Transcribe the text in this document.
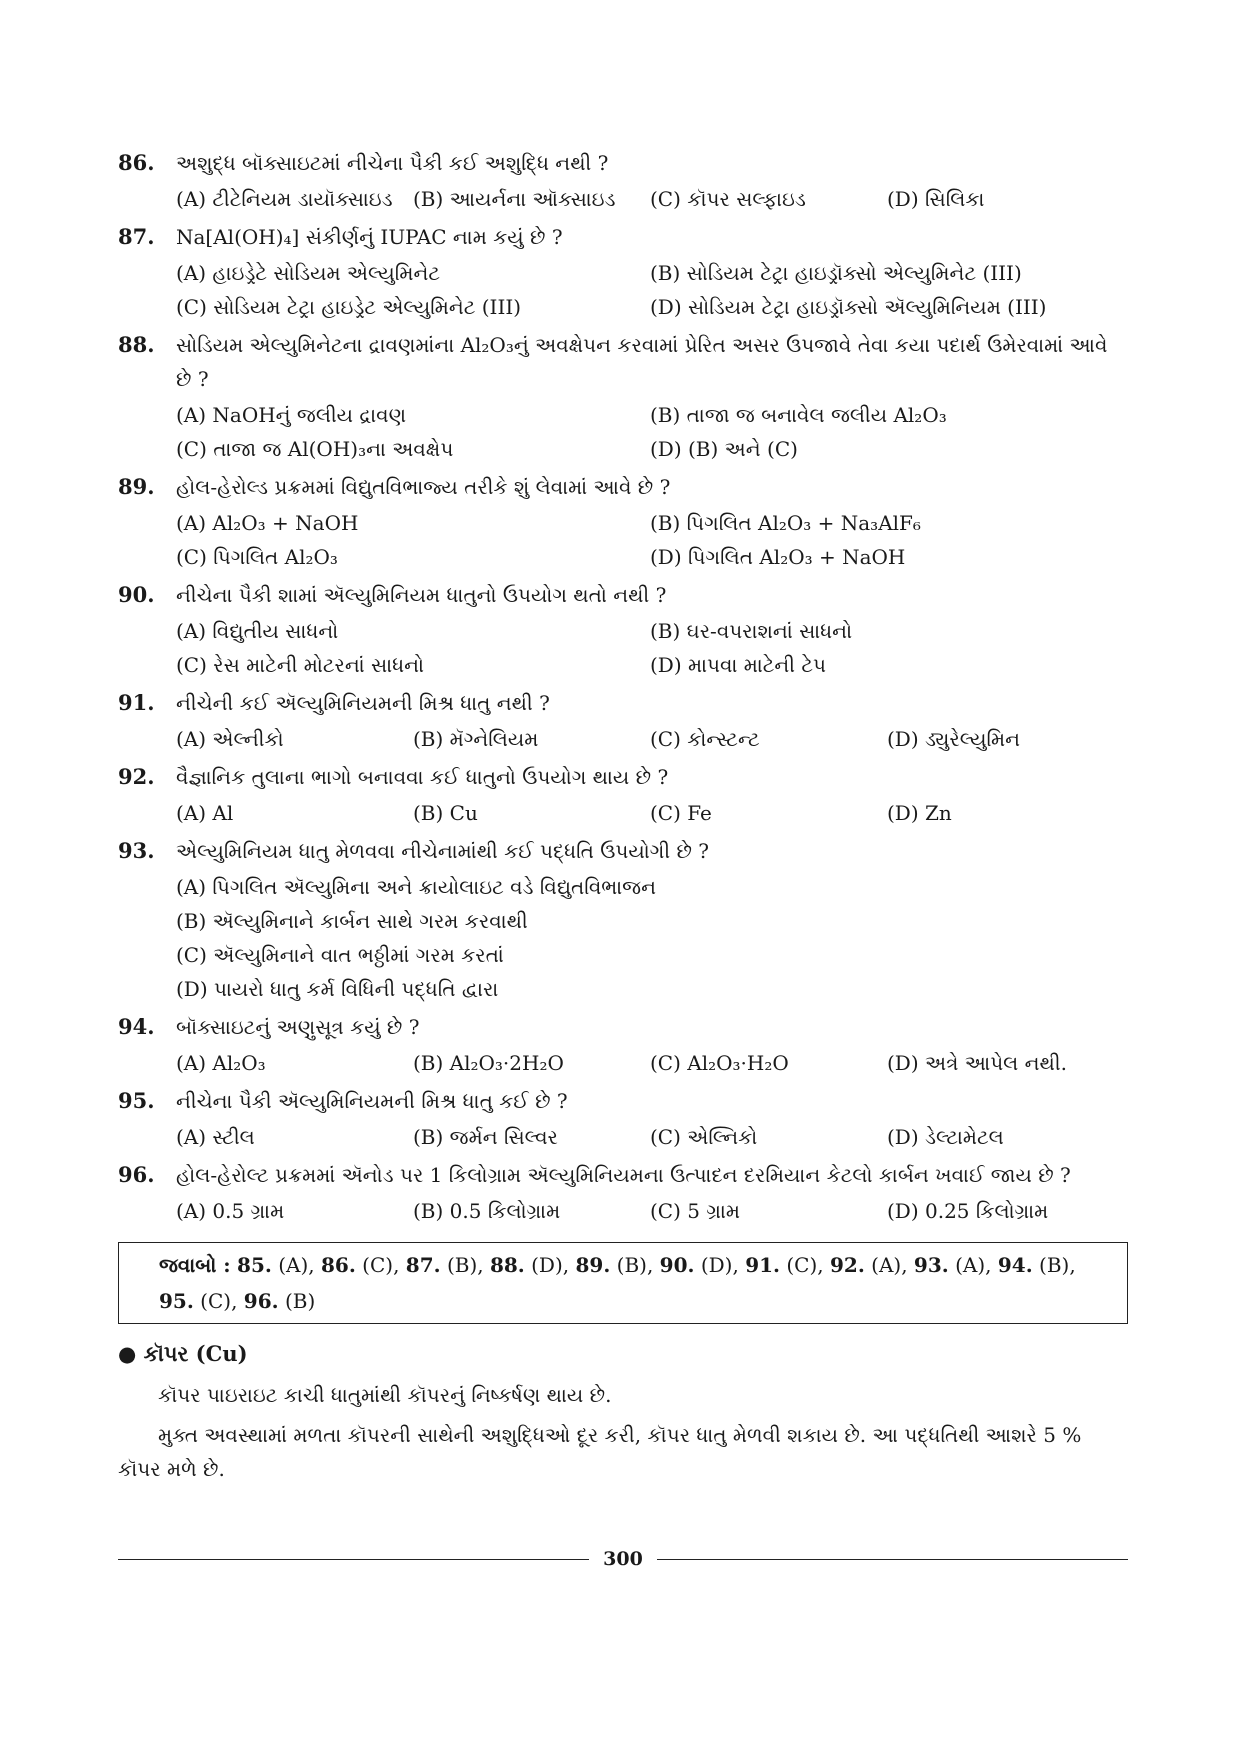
86.	અશુદ્ધ બૉક્સાઇટમાં નીચેના પૈકી કઈ અશુદ્ધિ નથી ?
(A) ટીટેનિયમ ડાયૉક્સાઇડ	(B) આયર્નના ઑક્સાઇડ	(C) કૉપર સલ્ફાઇડ	(D) સિલિકા
87.	Na[Al(OH)₄] સંકીર્ણનું IUPAC નામ કયું છે ?
(A) હાઇડ્રેટે સોડિયમ એલ્યુમિનેટ	(B) સોડિયમ ટેટ્રા હાઇડ્રૉક્સો એલ્યુમિનેટ (III)
(C) સોડિયમ ટેટ્રા હાઇડ્રેટ એલ્યુમિનેટ (III)	(D) સોડિયમ ટેટ્રા હાઇડ્રૉક્સો ઍલ્યુમિનિયમ (III)
88.	સોડિયમ એલ્યુમિનેટના દ્રાવણમાંના Al₂O₃નું અવક્ષેપન કરવામાં પ્રેરિત અસર ઉપજાવે તેવા કયા પદાર્થ ઉમેરવામાં આવે છે ?
(A) NaOHનું જલીય દ્રાવણ	(B) તાજા જ બનાવેલ જલીય Al₂O₃
(C) તાજા જ Al(OH)₃ના અવક્ષેપ	(D) (B) અને (C)
89.	હોલ-હેરોલ્ડ પ્રક્રમમાં વિદ્યુતવિભાજ્ય તરીકે શું લેવામાં આવે છે ?
(A) Al₂O₃ + NaOH	(B) પિગલિત Al₂O₃ + Na₃AlF₆
(C) પિગલિત Al₂O₃	(D) પિગલિત Al₂O₃ + NaOH
90.	નીચેના પૈકી શામાં ઍલ્યુમિનિયમ ધાતુનો ઉપયોગ થતો નથી ?
(A) વિદ્યુતીય સાધનો	(B) ઘર-વપરાશનાં સાધનો
(C) રેસ માટેની મોટરનાં સાધનો	(D) માપવા માટેની ટેપ
91.	નીચેની કઈ ઍલ્યુમિનિયમની મિશ્ર ધાતુ નથી ?
(A) એલ્નીકો	(B) મૅગ્નેલિયમ	(C) કોન્સ્ટન્ટ	(D) ડ્યુરેલ્યુમિન
92.	વૈજ્ઞાનિક તુલાના ભાગો બનાવવા કઈ ધાતુનો ઉપયોગ થાય છે ?
(A) Al	(B) Cu	(C) Fe	(D) Zn
93.	એલ્યુમિનિયમ ધાતુ મેળવવા નીચેનામાંથી કઈ પદ્ધતિ ઉપયોગી છે ?
(A) પિગલિત ઍલ્યુમિના અને ક્રાયોલાઇટ વડે વિદ્યુતવિભાજન
(B) ઍલ્યુમિનાને કાર્બન સાથે ગરમ કરવાથી
(C) ઍલ્યુમિનાને વાત ભઠ્ઠીમાં ગરમ કરતાં
(D) પાયરો ધાતુ કર્મ વિધિની પદ્ધતિ દ્વારા
94.	બૉક્સાઇટનું અણુસૂત્ર કયું છે ?
(A) Al₂O₃	(B) Al₂O₃·2H₂O	(C) Al₂O₃·H₂O	(D) અત્રે આપેલ નથી.
95.	નીચેના પૈકી ઍલ્યુમિનિયમની મિશ્ર ધાતુ કઈ છે ?
(A) સ્ટીલ	(B) જર્મન સિલ્વર	(C) એલ્નિકો	(D) ડેલ્ટામેટલ
96.	હોલ-હેરોલ્ટ પ્રક્રમમાં ઍનોડ પર 1 કિલોગ્રામ ઍલ્યુમિનિયમના ઉત્પાદન દરમિયાન કેટલો કાર્બન ખવાઈ જાય છે ?
(A) 0.5 ગ્રામ	(B) 0.5 કિલોગ્રામ	(C) 5 ગ્રામ	(D) 0.25 કિલોગ્રામ
જવાબો : 85. (A), 86. (C), 87. (B), 88. (D), 89. (B), 90. (D), 91. (C), 92. (A), 93. (A), 94. (B), 95. (C), 96. (B)
● કૉપર (Cu)
કૉપર પાઇરાઇટ કાચી ધાતુમાંથી કૉપરનું નિષ્કર્ષણ થાય છે.
મુક્ત અવસ્થામાં મળતા કૉપરની સાથેની અશુદ્ધિઓ દૂર કરી, કૉપર ધાતુ મેળવી શકાય છે. આ પદ્ધતિથી આશરે 5 % કૉપર મળે છે.
300
